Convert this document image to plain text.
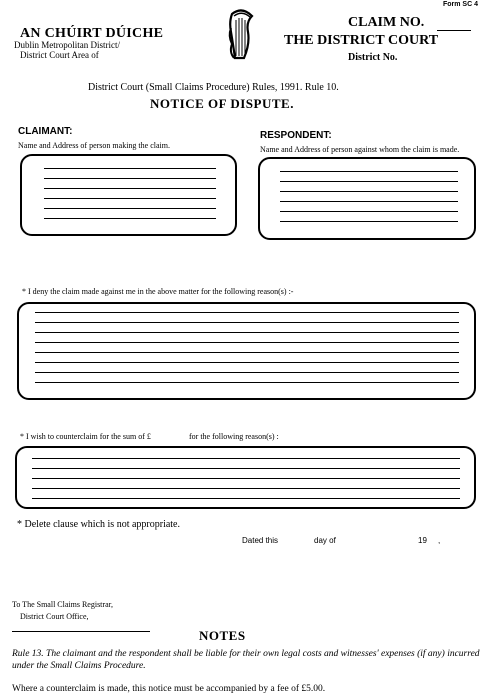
Form SC 4
AN CHÚIRT DÚICHE
Dublin Metropolitan District/
District Court Area of
CLAIM NO.
THE DISTRICT COURT
District No.
District Court (Small Claims Procedure) Rules, 1991. Rule 10.
NOTICE OF DISPUTE.
CLAIMANT:
Name and Address of person making the claim.
RESPONDENT:
Name and Address of person against whom the claim is made.
* I deny the claim made against me in the above matter for the following reason(s) :-
* I wish to counterclaim for the sum of £	for the following reason(s) :
* Delete clause which is not appropriate.
Dated this	day of	19 ,
To The Small Claims Registrar,
District Court Office,
NOTES
Rule 13. The claimant and the respondent shall be liable for their own legal costs and witnesses' expenses (if any) incurred under the Small Claims Procedure.
Where a counterclaim is made, this notice must be accompanied by a fee of £5.00.
